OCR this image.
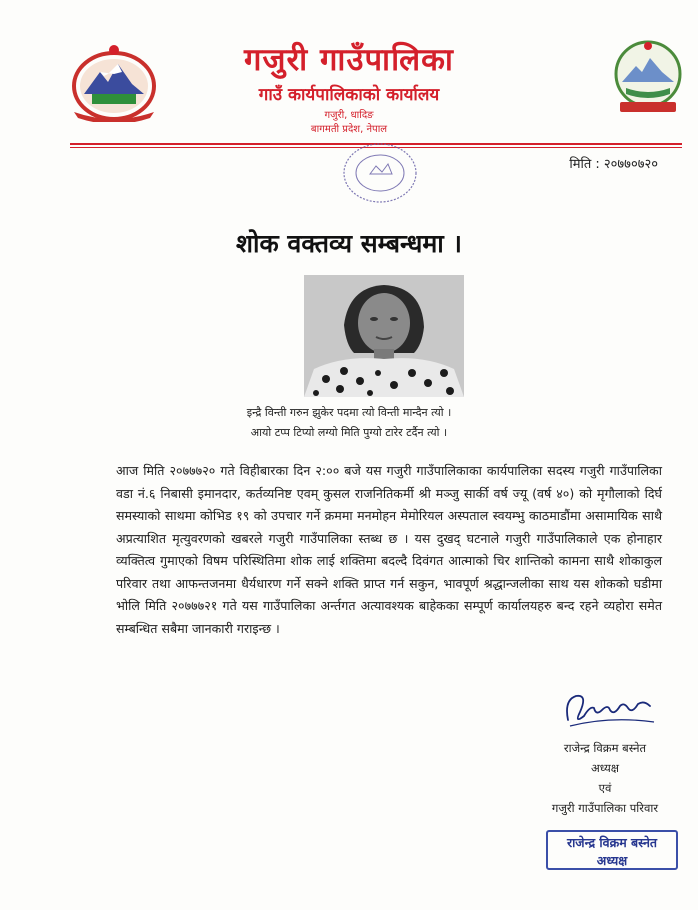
गजुरी गाउँपालिका
गाउँ कार्यपालिकाको कार्यालय
गजुरी, धादिङ
बागमती प्रदेश, नेपाल
मिति : २०७७०७२०
शोक वक्तव्य सम्बन्धमा ।
इन्द्रै विन्ती गरुन झुकेर पदमा त्यो विन्ती मान्दैन त्यो ।
आयो टप्प टिप्यो लग्यो मिति पुग्यो टारेर टर्दैन त्यो ।
आज मिति २०७७७२० गते विहीबारका दिन २:०० बजे यस गजुरी गाउँपालिकाका कार्यपालिका सदस्य गजुरी गाउँपालिका वडा नं.६ निबासी इमानदार, कर्तव्यनिष्ट एवम् कुसल राजनितिकर्मी श्री मञ्जु सार्की वर्ष ज्यू (वर्ष ४०) को मृगौलाको दिर्घ समस्याको साथमा कोभिड १९ को उपचार गर्ने क्रममा मनमोहन मेमोरियल अस्पताल स्वयम्भु काठमाडौंमा असामायिक साथै अप्रत्याशित मृत्युवरणको खबरले गजुरी गाउँपालिका स्तब्ध छ । यस दुखद् घटनाले गजुरी गाउँपालिकाले एक होनाहार व्यक्तित्व गुमाएको विषम परिस्थितिमा शोक लाई शक्तिमा बदल्दै दिवंगत आत्माको चिर शान्तिको कामना साथै शोकाकुल परिवार तथा आफन्तजनमा धैर्यधारण गर्ने सक्ने शक्ति प्राप्त गर्न सकुन, भावपूर्ण श्रद्धान्जलीका साथ यस शोकको घडीमा भोलि मिति २०७७७२१ गते यस गाउँपालिका अर्न्तगत अत्यावश्यक बाहेकका सम्पूर्ण कार्यालयहरु बन्द रहने व्यहोरा समेत सम्बन्धित सबैमा जानकारी गराइन्छ ।
राजेन्द्र विक्रम बस्नेत
अध्यक्ष
एवं
गजुरी गाउँपालिका परिवार
राजेन्द्र विक्रम बस्नेत
अध्यक्ष
